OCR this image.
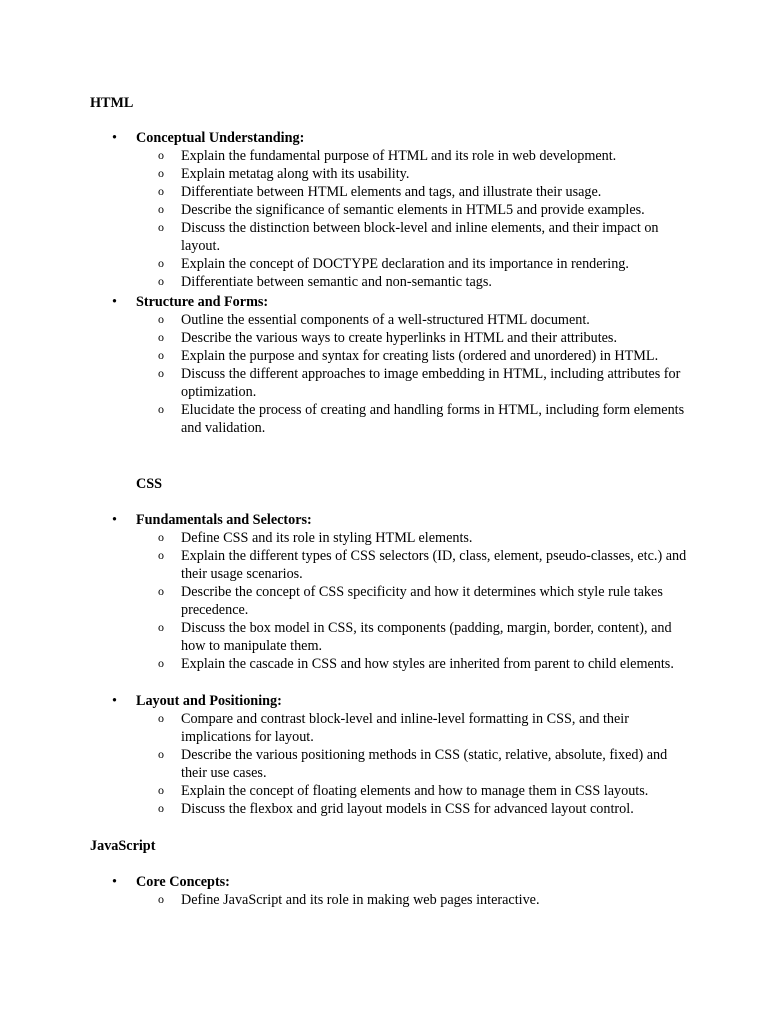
HTML
• Conceptual Understanding:
o Explain the fundamental purpose of HTML and its role in web development.
o Explain metatag along with its usability.
o Differentiate between HTML elements and tags, and illustrate their usage.
o Describe the significance of semantic elements in HTML5 and provide examples.
o Discuss the distinction between block-level and inline elements, and their impact on layout.
o Explain the concept of DOCTYPE declaration and its importance in rendering.
o Differentiate between semantic and non-semantic tags.
• Structure and Forms:
o Outline the essential components of a well-structured HTML document.
o Describe the various ways to create hyperlinks in HTML and their attributes.
o Explain the purpose and syntax for creating lists (ordered and unordered) in HTML.
o Discuss the different approaches to image embedding in HTML, including attributes for optimization.
o Elucidate the process of creating and handling forms in HTML, including form elements and validation.
CSS
• Fundamentals and Selectors:
o Define CSS and its role in styling HTML elements.
o Explain the different types of CSS selectors (ID, class, element, pseudo-classes, etc.) and their usage scenarios.
o Describe the concept of CSS specificity and how it determines which style rule takes precedence.
o Discuss the box model in CSS, its components (padding, margin, border, content), and how to manipulate them.
o Explain the cascade in CSS and how styles are inherited from parent to child elements.
• Layout and Positioning:
o Compare and contrast block-level and inline-level formatting in CSS, and their implications for layout.
o Describe the various positioning methods in CSS (static, relative, absolute, fixed) and their use cases.
o Explain the concept of floating elements and how to manage them in CSS layouts.
o Discuss the flexbox and grid layout models in CSS for advanced layout control.
JavaScript
• Core Concepts:
o Define JavaScript and its role in making web pages interactive.
